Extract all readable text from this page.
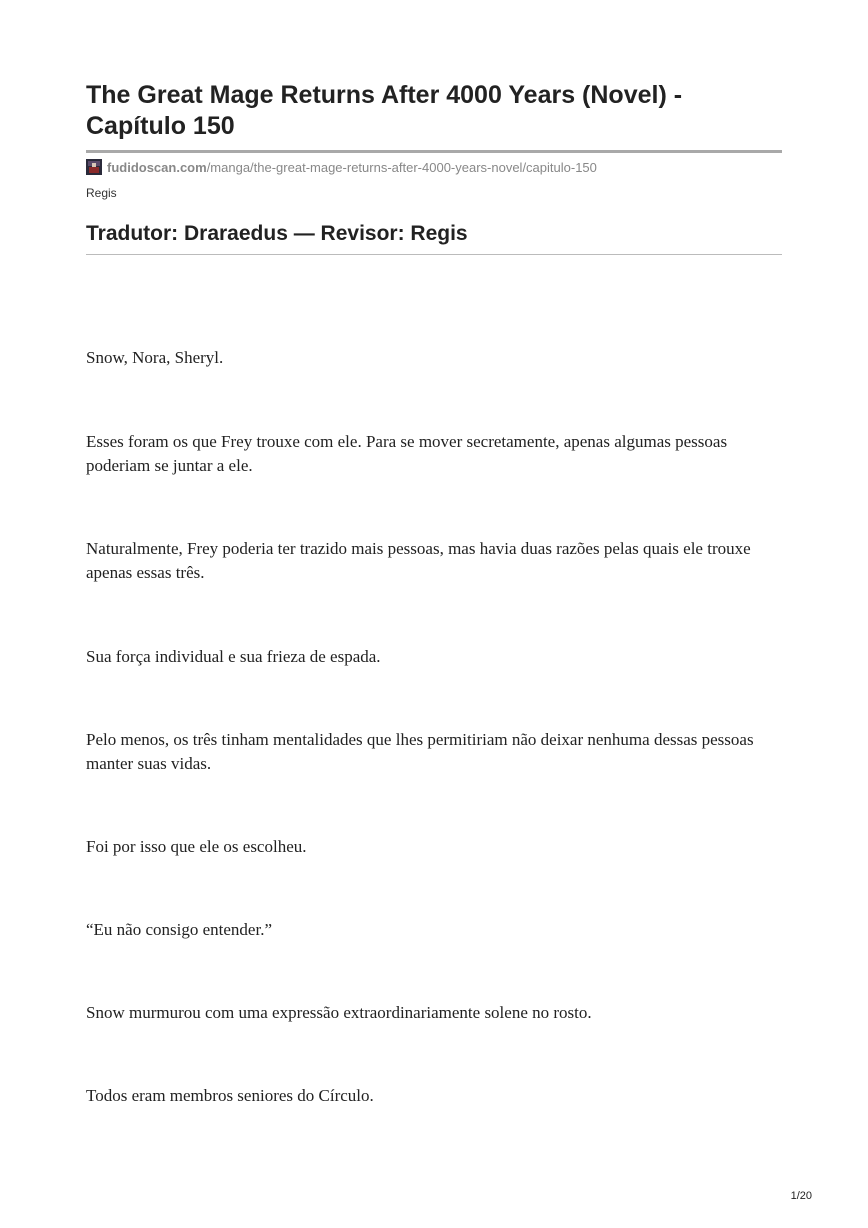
The Great Mage Returns After 4000 Years (Novel) - Capítulo 150
fudidoscan.com /manga/the-great-mage-returns-after-4000-years-novel/capitulo-150
Regis
Tradutor: Draraedus — Revisor: Regis

Snow, Nora, Sheryl.

Esses foram os que Frey trouxe com ele. Para se mover secretamente, apenas algumas pessoas poderiam se juntar a ele.

Naturalmente, Frey poderia ter trazido mais pessoas, mas havia duas razões pelas quais ele trouxe apenas essas três.

Sua força individual e sua frieza de espada.

Pelo menos, os três tinham mentalidades que lhes permitiriam não deixar nenhuma dessas pessoas manter suas vidas.

Foi por isso que ele os escolheu.

“Eu não consigo entender.”

Snow murmurou com uma expressão extraordinariamente solene no rosto.

Todos eram membros seniores do Círculo.

1/20
